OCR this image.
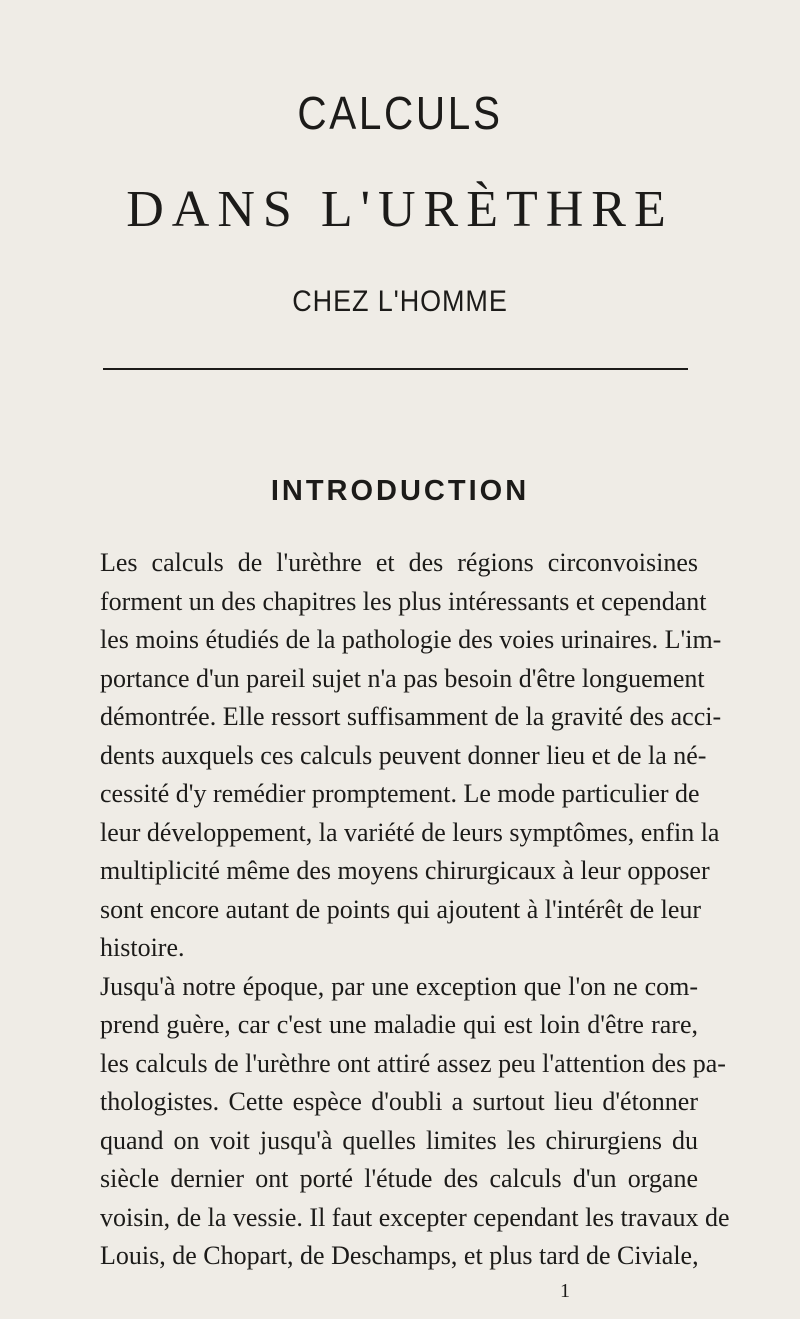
CALCULS
DANS L'URÈTHRE
CHEZ L'HOMME
INTRODUCTION
Les calculs de l'urèthre et des régions circonvoisines
forment un des chapitres les plus intéressants et cependant
les moins étudiés de la pathologie des voies urinaires. L'im-
portance d'un pareil sujet n'a pas besoin d'être longuement
démontrée. Elle ressort suffisamment de la gravité des acci-
dents auxquels ces calculs peuvent donner lieu et de la né-
cessité d'y remédier promptement. Le mode particulier de
leur développement, la variété de leurs symptômes, enfin la
multiplicité même des moyens chirurgicaux à leur opposer
sont encore autant de points qui ajoutent à l'intérêt de leur
histoire.
Jusqu'à notre époque, par une exception que l'on ne com-
prend guère, car c'est une maladie qui est loin d'être rare,
les calculs de l'urèthre ont attiré assez peu l'attention des pa-
thologistes. Cette espèce d'oubli a surtout lieu d'étonner
quand on voit jusqu'à quelles limites les chirurgiens du
siècle dernier ont porté l'étude des calculs d'un organe
voisin, de la vessie. Il faut excepter cependant les travaux de
Louis, de Chopart, de Deschamps, et plus tard de Civiale,
1
